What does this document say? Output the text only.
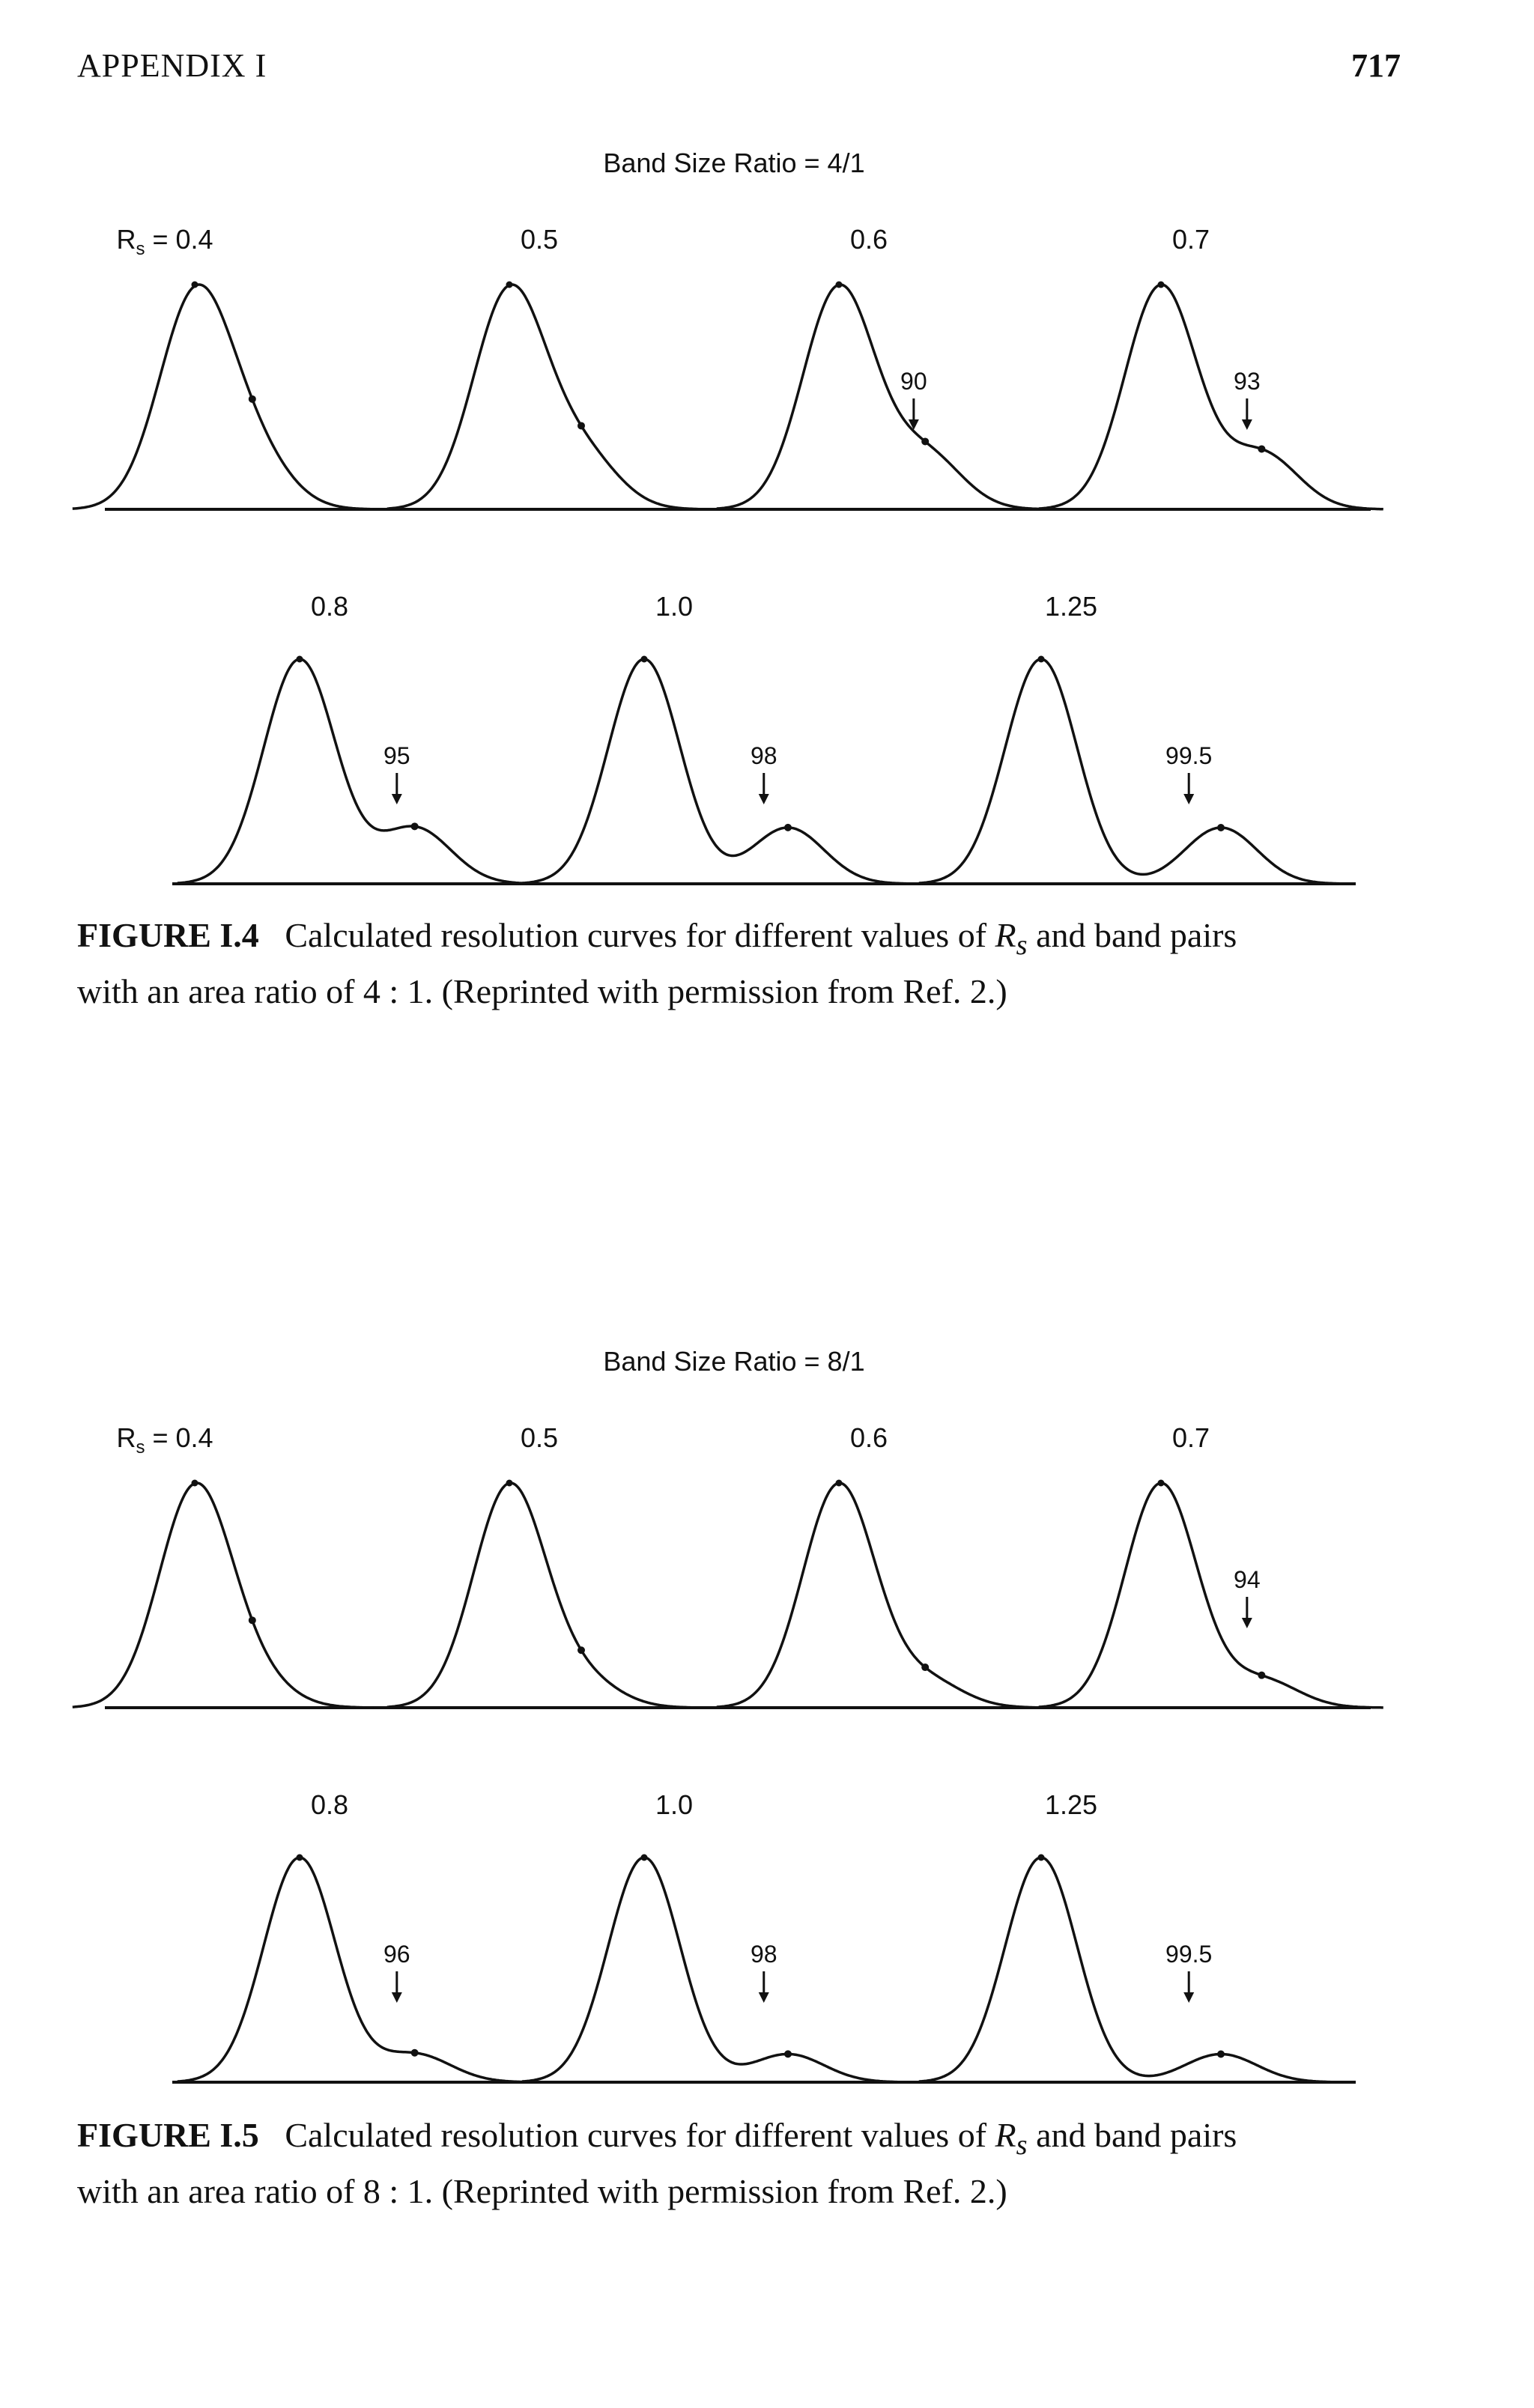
APPENDIX I	717
Band Size Ratio = 4/1
$R_s = 0.4$	0.5	0.6
90
0.7
93
0.8
95
1.0
98
1.25
99.5
FIGURE I.4 Calculated resolution curves for different values of $R_s$ and band pairs
with an area ratio of 4 : 1. (Reprinted with permission from Ref. 2.)
Band Size Ratio = 8/1
$R_s = 0.4$	0.5	0.6	0.7
94
0.8
96
1.0
98
1.25
99.5
FIGURE I.5 Calculated resolution curves for different values of $R_s$ and band pairs
with an area ratio of 8 : 1. (Reprinted with permission from Ref. 2.)
